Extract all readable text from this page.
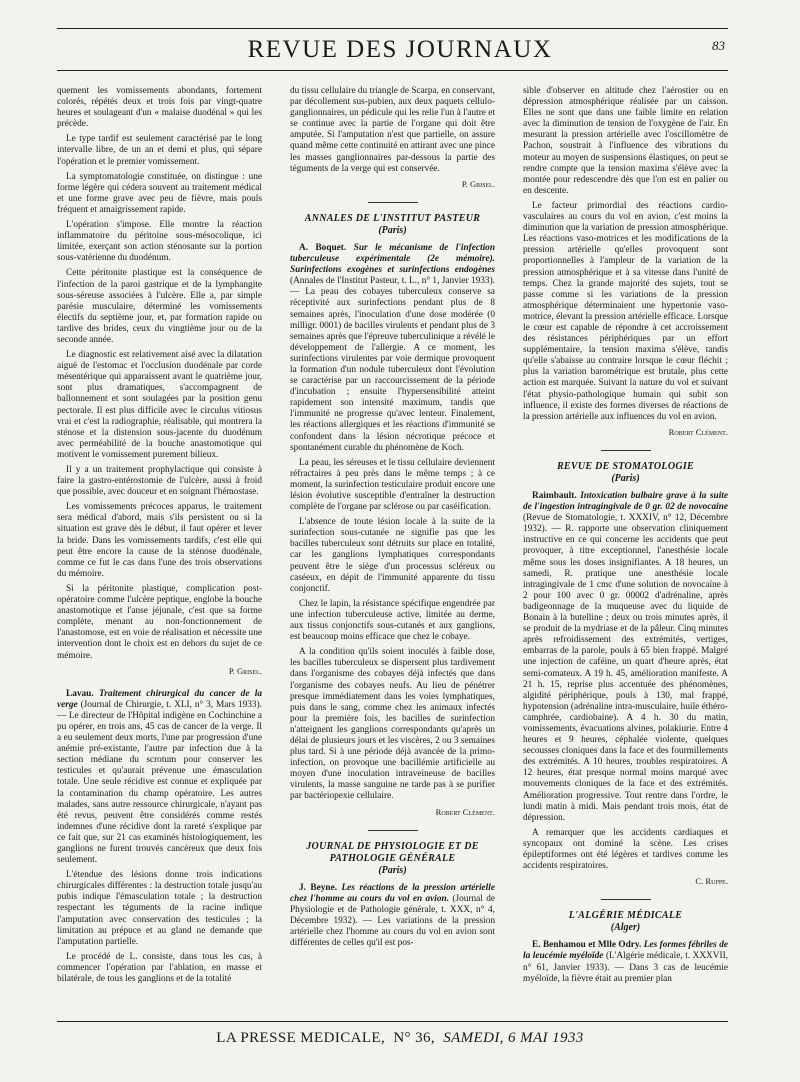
REVUE DES JOURNAUX	83

quement les vomissements abondants, fortement colorés, répétés deux et trois fois par vingt-quatre heures et soulageant d'un « malaise duodénal » qui les précède.

Le type tardif est seulement caractérisé par le long intervalle libre, de un an et demi et plus, qui sépare l'opération et le premier vomissement.

La symptomatologie constituée, on distingue : une forme légère qui cédera souvent au traitement médical et une forme grave avec peu de fièvre, mais pouls fréquent et amaigrissement rapide.

L'opération s'impose. Elle montre la réaction inflammatoire du péritoine sous-mésocolique, ici limitée, exerçant son action sténosante sur la portion sous-vatérienne du duodénum.

Cette péritonite plastique est la conséquence de l'infection de la paroi gastrique et de la lymphangite sous-séreuse associées à l'ulcère. Elle a, par simple parésie musculaire, déterminé les vomissements électifs du septième jour, et, par formation rapide ou tardive des brides, ceux du vingtième jour ou de la seconde année.

Le diagnostic est relativement aisé avec la dilatation aiguë de l'estomac et l'occlusion duodénale par corde mésentérique qui apparaissent avant le quatrième jour, sont plus dramatiques, s'accompagnent de ballonnement et sont soulagées par la position genu pectorale. Il est plus difficile avec le circulus vitiosus vrai et c'est la radiographie, réalisable, qui montrera la sténose et la distension sous-jacente du duodénum avec perméabilité de la bouche anastomotique qui motivent le vomissement purement bilieux.

Il y a un traitement prophylactique qui consiste à faire la gastro-entérostomie de l'ulcère, aussi à froid que possible, avec douceur et en soignant l'hémostase.

Les vomissements précoces apparus, le traitement sera médical d'abord, mais s'ils persistent ou si la situation est grave dès le début, il faut opérer et lever la bride. Dans les vomissements tardifs, c'est elle qui peut être encore la cause de la sténose duodénale, comme ce fut le cas dans l'une des trois observations du mémoire.

Si la péritonite plastique, complication post-opératoire comme l'ulcère peptique, englobe la bouche anastomotique et l'anse jéjunale, c'est que sa forme complète, menant au non-fonctionnement de l'anastomose, est en voie de réalisation et nécessite une intervention dont le choix est en dehors du sujet de ce mémoire.

P. Grisel.

Lavau. Traitement chirurgical du cancer de la verge (Journal de Chirurgie, t. XLI, n° 3, Mars 1933). — Le directeur de l'Hôpital indigène en Cochinchine a pu opérer, en trois ans, 45 cas de cancer de la verge. Il a eu seulement deux morts, l'une par progression d'une anémie pré-existante, l'autre par infection due à la section médiane du scrotum pour conserver les testicules et qu'aurait prévenue une émasculation totale. Une seule récidive est connue et expliquée par la contamination du champ opératoire. Les autres malades, sans autre ressource chirurgicale, n'ayant pas été revus, peuvent être considérés comme restés indemnes d'une récidive dont la rareté s'explique par ce fait que, sur 21 cas examinés histologiquement, les ganglions ne furent trouvés cancéreux que deux fois seulement.

L'étendue des lésions donne trois indications chirurgicales différentes : la destruction totale jusqu'au pubis indique l'émasculation totale ; la destruction respectant les téguments de la racine indique l'amputation avec conservation des testicules ; la limitation au prépuce et au gland ne demande que l'amputation partielle.

Le procédé de L. consiste, dans tous les cas, à commencer l'opération par l'ablation, en masse et bilatérale, de tous les ganglions et de la totalité

du tissu cellulaire du triangle de Scarpa, en conservant, par décollement sus-pubien, aux deux paquets cellulo-ganglionnaires, un pédicule qui les relie l'un à l'autre et se continue avec la partie de l'organe qui doit être amputée. Si l'amputation n'est que partielle, on assure quand même cette continuité en attirant avec une pince les masses ganglionnaires par-dessous la partie des téguments de la verge qui est conservée.

P. Grisel.
ANNALES DE L'INSTITUT PASTEUR
(Paris)

A. Boquet. Sur le mécanisme de l'infection tuberculeuse expérimentale (2e mémoire). Surinfections exogènes et surinfections endogènes (Annales de l'Institut Pasteur, t. L., n° 1, Janvier 1933). — La peau des cobayes tuberculeux conserve sa réceptivité aux surinfections pendant plus de 8 semaines après, l'inoculation d'une dose modérée (0 milligr. 0001) de bacilles virulents et pendant plus de 3 semaines après que l'épreuve tuberculinique a révélé le développement de l'allergie. A ce moment, les surinfections virulentes par voie dermique provoquent la formation d'un nodule tuberculeux dont l'évolution se caractérise par un raccourcissement de la période d'incubation ; ensuite l'hypersensibilité atteint rapidement son intensité maximum, tandis que l'immunité ne progresse qu'avec lenteur. Finalement, les réactions allergiques et les réactions d'immunité se confondent dans la lésion nécrotique précoce et spontanément curable du phénomène de Koch.

La peau, les séreuses et le tissu cellulaire deviennent réfractaires à peu près dans le même temps ; à ce moment, la surinfection testiculaire produit encore une lésion évolutive susceptible d'entraîner la destruction complète de l'organe par sclérose ou par caséification.

L'absence de toute lésion locale à la suite de la surinfection sous-cutanée ne signifie pas que les bacilles tuberculeux sont détruits sur place en totalité, car les ganglions lymphatiques correspondants peuvent être le siège d'un processus scléreux ou caséeux, en dépit de l'immunité apparente du tissu conjonctif.

Chez le lapin, la résistance spécifique engendrée par une infection tuberculeuse active, limitée au derme, aux tissus conjonctifs sous-cutanés et aux ganglions, est beaucoup moins efficace que chez le cobaye.

A la condition qu'ils soient inoculés à faible dose, les bacilles tuberculeux se dispersent plus tardivement dans l'organisme des cobayes déjà infectés que dans l'organisme des cobayes neufs. Au lieu de pénétrer presque immédiatement dans les voies lymphatiques, puis dans le sang, comme chez les animaux infectés pour la première fois, les bacilles de surinfection n'atteignent les ganglions correspondants qu'après un délai de plusieurs jours et les viscères, 2 ou 3 semaines plus tard. Si à une période déjà avancée de la primo-infection, on provoque une bacillémie artificielle au moyen d'une inoculation intraveineuse de bacilles virulents, la masse sanguine ne tarde pas à se purifier par bactériopexie cellulaire.

Robert Clément.
JOURNAL DE PHYSIOLOGIE ET DE PATHOLOGIE GÉNÉRALE
(Paris)

J. Beyne. Les réactions de la pression artérielle chez l'homme au cours du vol en avion. (Journal de Physiologie et de Pathologie générale, t. XXX, n° 4, Décembre 1932). — Les variations de la pression artérielle chez l'homme au cours du vol en avion sont différentes de celles qu'il est pos-

sible d'observer en altitude chez l'aérostier ou en dépression atmosphérique réalisée par un caisson. Elles ne sont que dans une faible limite en relation avec la diminution de tension de l'oxygène de l'air. En mesurant la pression artérielle avec l'oscillomètre de Pachon, soustrait à l'influence des vibrations du moteur au moyen de suspensions élastiques, on peut se rendre compte que la tension maxima s'élève avec la montée pour redescendre dès que l'on est en palier ou en descente.

Le facteur primordial des réactions cardio-vasculaires au cours du vol en avion, c'est moins la diminution que la variation de pression atmosphérique. Les réactions vaso-motrices et les modifications de la pression artérielle qu'elles provoquent sont proportionnelles à l'ampleur de la variation de la pression atmosphérique et à sa vitesse dans l'unité de temps. Chez la grande majorité des sujets, tout se passe comme si les variations de la pression atmosphérique déterminaient une hypertonie vaso-motrice, élevant la pression artérielle efficace. Lorsque le cœur est capable de répondre à cet accroissement des résistances périphériques par un effort supplémentaire, la tension maxima s'élève, tandis qu'elle s'abaisse au contraire lorsque le cœur fléchit ; plus la variation barométrique est brutale, plus cette action est marquée. Suivant la nature du vol et suivant l'état physio-pathologique humain qui subit son influence, il existe des formes diverses de réactions de la pression artérielle aux influences du vol en avion.

Robert Clément.
REVUE DE STOMATOLOGIE
(Paris)

Raimbault. Intoxication bulbaire grave à la suite de l'ingestion intragingivale de 0 gr. 02 de novocaine (Revue de Stomatologie, t. XXXIV, n° 12, Décembre 1932). — R. rapporte une observation cliniquement instructive en ce qui concerne les accidents que peut provoquer, à titre exceptionnel, l'anesthésie locale même sous les doses insignifiantes. A 18 heures, un samedi, R. pratique une anesthésie locale intragingivale de 1 cmc d'une solution de novocaïne à 2 pour 100 avec 0 gr. 00002 d'adrénaline, après badigeonnage de la muqueuse avec du liquide de Bonain à la butelline ; deux ou trois minutes après, il se produit de la mydriase et de la pâleur. Cinq minutes après refroidissement des extrémités, vertiges, embarras de la parole, pouls à 65 bien frappé. Malgré une injection de caféine, un quart d'heure après, état semi-comateux. A 19 h. 45, amélioration manifeste. A 21 h. 15, reprise plus accentuée des phénomènes, algidité périphérique, pouls à 130, mal frappé, hypotension (adrénaline intra-musculaire, huile éthéro-camphrée, cardiobaine). A 4 h. 30 du matin, vomissements, évacuations alvines, polakiurie. Entre 4 heures et 9 heures, céphalée violente, quelques secousses cloniques dans la face et des fourmillements des extrémités. A 10 heures, troubles respiratoires. A 12 heures, état presque normal moins marqué avec mouvements cloniques de la face et des extrémités. Amélioration progressive. Tout rentre dans l'ordre, le lundi matin à midi. Mais pendant trois mois, état de dépression.

A remarquer que les accidents cardiaques et syncopaux ont dominé la scène. Les crises épileptiformes ont été légères et tardives comme les accidents respiratoires.

C. Ruppe.
L'ALGÉRIE MÉDICALE
(Alger)

E. Benhamou et Mlle Odry. Les formes fébriles de la leucémie myéloïde (L'Algérie médicale, t. XXXVII, n° 61, Janvier 1933). — Dans 3 cas de leucémie myéloïde, la fièvre était au premier plan

LA PRESSE MEDICALE, N° 36, SAMEDI, 6 MAI 1933
